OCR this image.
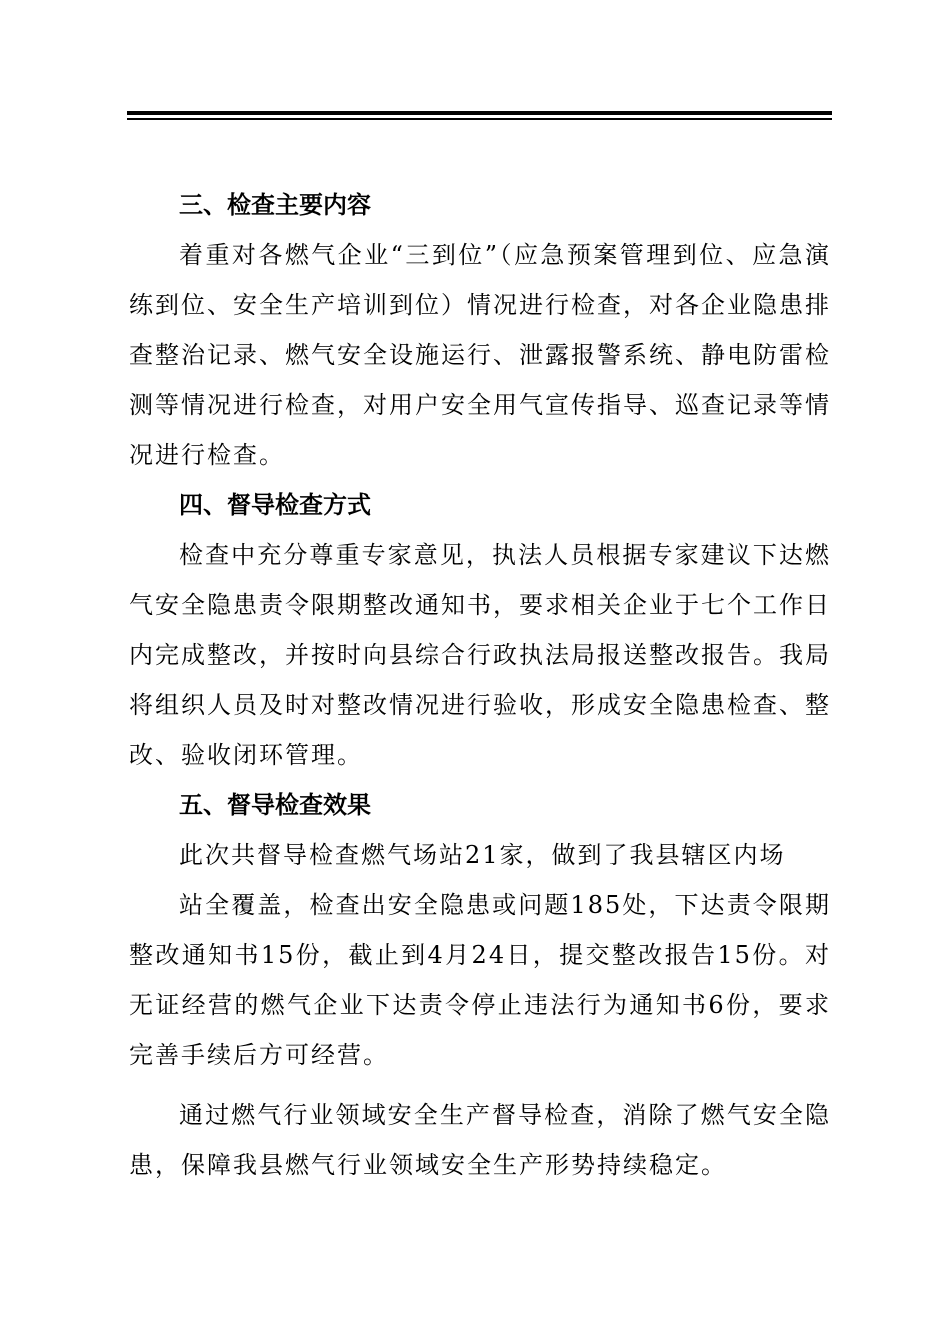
三、检查主要内容

着重对各燃气企业“三到位”（应急预案管理到位、应急演练到位、安全生产培训到位）情况进行检查，对各企业隐患排查整治记录、燃气安全设施运行、泄露报警系统、静电防雷检测等情况进行检查，对用户安全用气宣传指导、巡查记录等情况进行检查。

四、督导检查方式

检查中充分尊重专家意见，执法人员根据专家建议下达燃气安全隐患责令限期整改通知书，要求相关企业于七个工作日内完成整改，并按时向县综合行政执法局报送整改报告。我局将组织人员及时对整改情况进行验收，形成安全隐患检查、整改、验收闭环管理。

五、督导检查效果
此次共督导检查燃气场站21家，做到了我县辖区内场

站全覆盖，检查出安全隐患或问题185处，下达责令限期整改通知书15份，截止到4月24日，提交整改报告15份。对无证经营的燃气企业下达责令停止违法行为通知书6份，要求完善手续后方可经营。

通过燃气行业领域安全生产督导检查，消除了燃气安全隐患，保障我县燃气行业领域安全生产形势持续稳定。
